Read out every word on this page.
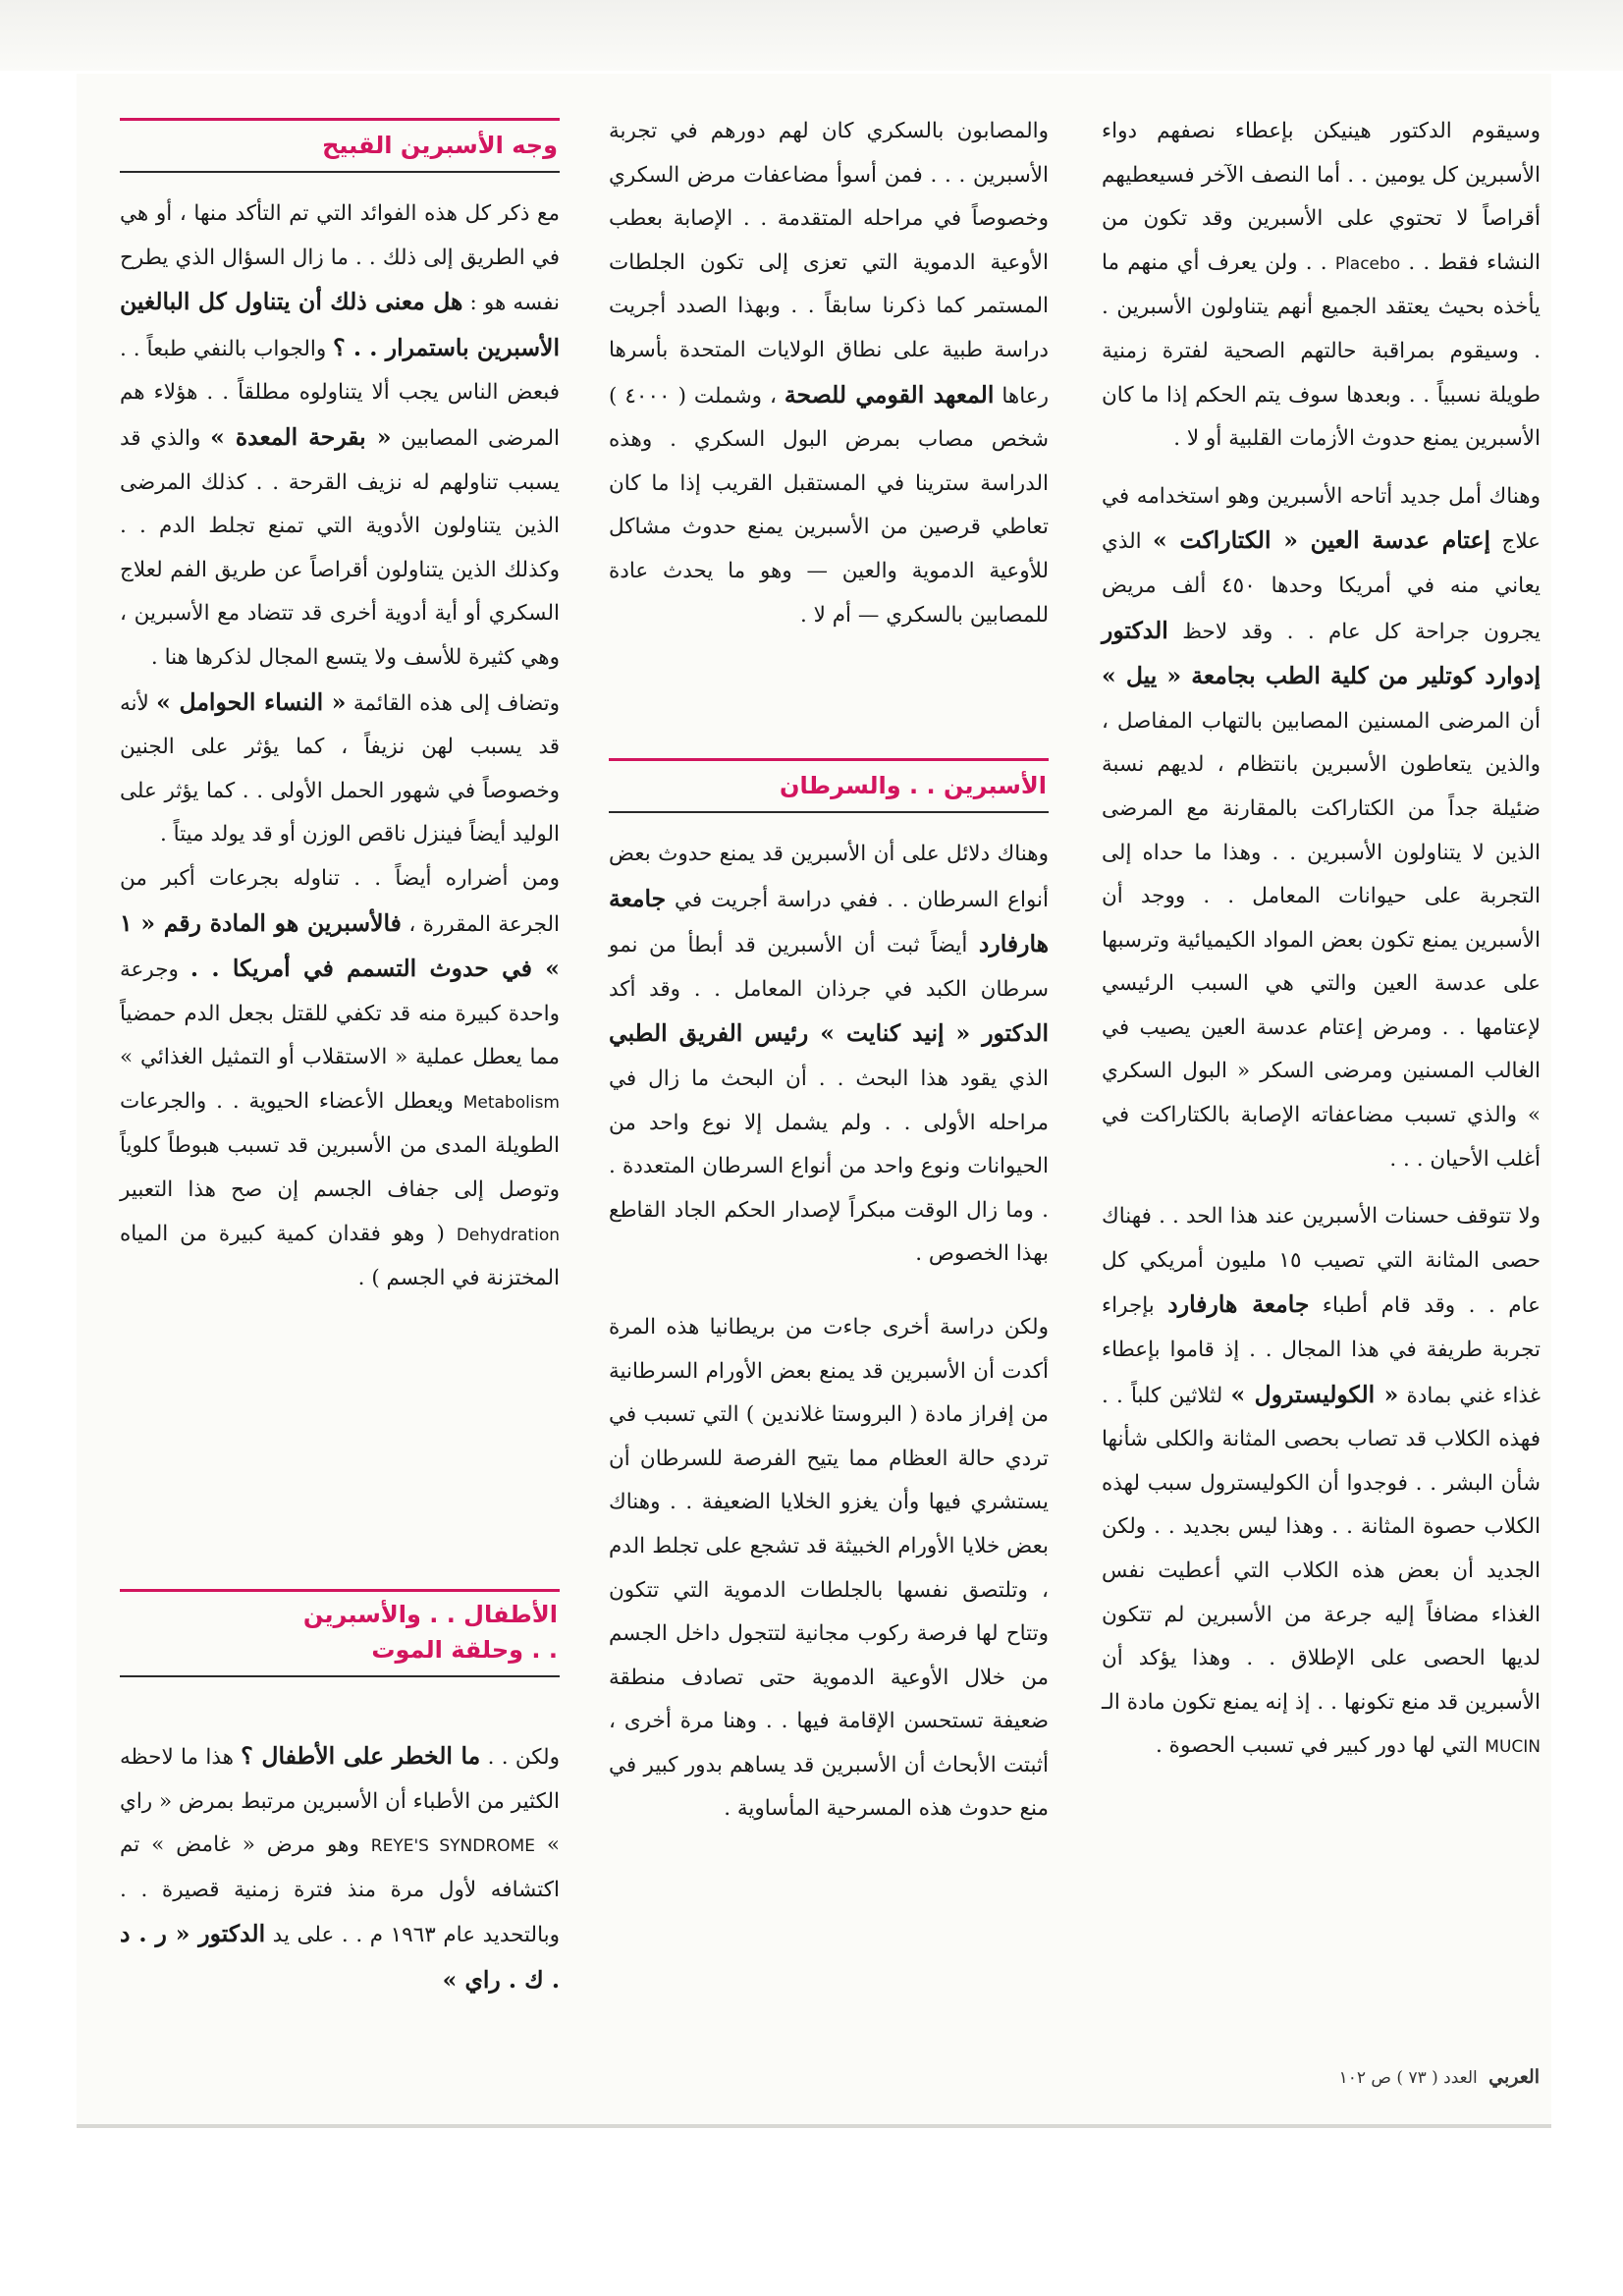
وسيقوم الدكتور هينيكن بإعطاء نصفهم دواء الأسبرين كل يومين . . أما النصف الآخر فسيعطيهم أقراصاً لا تحتوي على الأسبرين وقد تكون من النشاء فقط . . Placebo . . ولن يعرف أي منهم ما يأخذه بحيث يعتقد الجميع أنهم يتناولون الأسبرين . . وسيقوم بمراقبة حالتهم الصحية لفترة زمنية طويلة نسبياً . . وبعدها سوف يتم الحكم إذا ما كان الأسبرين يمنع حدوث الأزمات القلبية أو لا .

وهناك أمل جديد أتاحه الأسبرين وهو استخدامه في علاج إعتام عدسة العين « الكتاراكت » الذي يعاني منه في أمريكا وحدها ٤٥٠ ألف مريض يجرون جراحة كل عام . . وقد لاحظ الدكتور إدوارد كوتلير من كلية الطب بجامعة « ييل » أن المرضى المسنين المصابين بالتهاب المفاصل ، والذين يتعاطون الأسبرين بانتظام ، لديهم نسبة ضئيلة جداً من الكتاراكت بالمقارنة مع المرضى الذين لا يتناولون الأسبرين . . وهذا ما حداه إلى التجربة على حيوانات المعامل . . ووجد أن الأسبرين يمنع تكون بعض المواد الكيميائية وترسبها على عدسة العين والتي هي السبب الرئيسي لإعتامها . . ومرض إعتام عدسة العين يصيب في الغالب المسنين ومرضى السكر « البول السكري » والذي تسبب مضاعفاته الإصابة بالكتاراكت في أغلب الأحيان . . .

ولا تتوقف حسنات الأسبرين عند هذا الحد . . فهناك حصى المثانة التي تصيب ١٥ مليون أمريكي كل عام . . وقد قام أطباء جامعة هارفارد بإجراء تجربة طريفة في هذا المجال . . إذ قاموا بإعطاء غذاء غني بمادة « الكوليسترول » لثلاثين كلباً . . فهذه الكلاب قد تصاب بحصى المثانة والكلى شأنها شأن البشر . . فوجدوا أن الكوليسترول سبب لهذه الكلاب حصوة المثانة . . وهذا ليس بجديد . . ولكن الجديد أن بعض هذه الكلاب التي أعطيت نفس الغذاء مضافاً إليه جرعة من الأسبرين لم تتكون لديها الحصى على الإطلاق . . وهذا يؤكد أن الأسبرين قد منع تكونها . . إذ إنه يمنع تكون مادة الـ MUCIN التي لها دور كبير في تسبب الحصوة .

والمصابون بالسكري كان لهم دورهم في تجربة الأسبرين . . . فمن أسوأ مضاعفات مرض السكري وخصوصاً في مراحله المتقدمة . . الإصابة بعطب الأوعية الدموية التي تعزى إلى تكون الجلطات المستمر كما ذكرنا سابقاً . . وبهذا الصدد أجريت دراسة طبية على نطاق الولايات المتحدة بأسرها رعاها المعهد القومي للصحة ، وشملت ( ٤٠٠٠ ) شخص مصاب بمرض البول السكري . وهذه الدراسة سترينا في المستقبل القريب إذا ما كان تعاطي قرصين من الأسبرين يمنع حدوث مشاكل للأوعية الدموية والعين — وهو ما يحدث عادة للمصابين بالسكري — أم لا .

الأسبرين . . والسرطان

وهناك دلائل على أن الأسبرين قد يمنع حدوث بعض أنواع السرطان . . ففي دراسة أجريت في جامعة هارفارد أيضاً ثبت أن الأسبرين قد أبطأ من نمو سرطان الكبد في جرذان المعامل . . وقد أكد الدكتور « إنيد كنايت » رئيس الفريق الطبي الذي يقود هذا البحث . . أن البحث ما زال في مراحله الأولى . . ولم يشمل إلا نوع واحد من الحيوانات ونوع واحد من أنواع السرطان المتعددة . . وما زال الوقت مبكراً لإصدار الحكم الجاد القاطع بهذا الخصوص .

ولكن دراسة أخرى جاءت من بريطانيا هذه المرة أكدت أن الأسبرين قد يمنع بعض الأورام السرطانية من إفراز مادة ( البروستا غلاندين ) التي تسبب في تردي حالة العظام مما يتيح الفرصة للسرطان أن يستشري فيها وأن يغزو الخلايا الضعيفة . . وهناك بعض خلايا الأورام الخبيثة قد تشجع على تجلط الدم ، وتلتصق نفسها بالجلطات الدموية التي تتكون وتتاح لها فرصة ركوب مجانية لتتجول داخل الجسم من خلال الأوعية الدموية حتى تصادف منطقة ضعيفة تستحسن الإقامة فيها . . وهنا مرة أخرى ، أثبتت الأبحاث أن الأسبرين قد يساهم بدور كبير في منع حدوث هذه المسرحية المأساوية .

وجه الأسبرين القبيح

مع ذكر كل هذه الفوائد التي تم التأكد منها ، أو هي في الطريق إلى ذلك . . ما زال السؤال الذي يطرح نفسه هو : هل معنى ذلك أن يتناول كل البالغين الأسبرين باستمرار . . ؟ والجواب بالنفي طبعاً . . فبعض الناس يجب ألا يتناولوه مطلقاً . . هؤلاء هم المرضى المصابين « بقرحة المعدة » والذي قد يسبب تناولهم له نزيف القرحة . . كذلك المرضى الذين يتناولون الأدوية التي تمنع تجلط الدم . . وكذلك الذين يتناولون أقراصاً عن طريق الفم لعلاج السكري أو أية أدوية أخرى قد تتضاد مع الأسبرين ، وهي كثيرة للأسف ولا يتسع المجال لذكرها هنا .

وتضاف إلى هذه القائمة « النساء الحوامل » لأنه قد يسبب لهن نزيفاً ، كما يؤثر على الجنين وخصوصاً في شهور الحمل الأولى . . كما يؤثر على الوليد أيضاً فينزل ناقص الوزن أو قد يولد ميتاً .

ومن أضراره أيضاً . . تناوله بجرعات أكبر من الجرعة المقررة ، فالأسبرين هو المادة رقم « ١ » في حدوث التسمم في أمريكا . . وجرعة واحدة كبيرة منه قد تكفي للقتل بجعل الدم حمضياً مما يعطل عملية « الاستقلاب أو التمثيل الغذائي » Metabolism ويعطل الأعضاء الحيوية . . والجرعات الطويلة المدى من الأسبرين قد تسبب هبوطاً كلوياً وتوصل إلى جفاف الجسم إن صح هذا التعبير Dehydration ( وهو فقدان كمية كبيرة من المياه المختزنة في الجسم ) .

الأطفال . . والأسبرين
. . وحلقة الموت

ولكن . . ما الخطر على الأطفال ؟ هذا ما لاحظه الكثير من الأطباء أن الأسبرين مرتبط بمرض « راي » REYE'S SYNDROME وهو مرض « غامض » تم اكتشافه لأول مرة منذ فترة زمنية قصيرة . . وبالتحديد عام ١٩٦٣ م . . على يد الدكتور « ر . د . ك . راي »

العربي العدد ( ٧٣ ) ص ١٠٢
